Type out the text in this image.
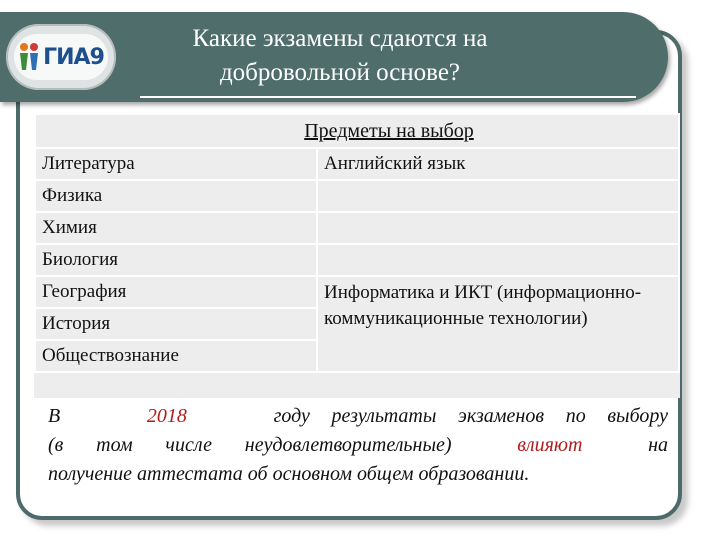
ГИА9
Какие экзамены сдаются на
добровольной основе?
Предметы на выбор	
Литература	Английский язык
Физика	
Химия	
Биология	
География	Информатика и ИКТ (информационно-коммуникационные технологии)
История	
Обществознание	
В	2018	году результаты экзаменов по выбору
(в том числе неудовлетворительные)	влияют	на
получение аттестата об основном общем образовании.
